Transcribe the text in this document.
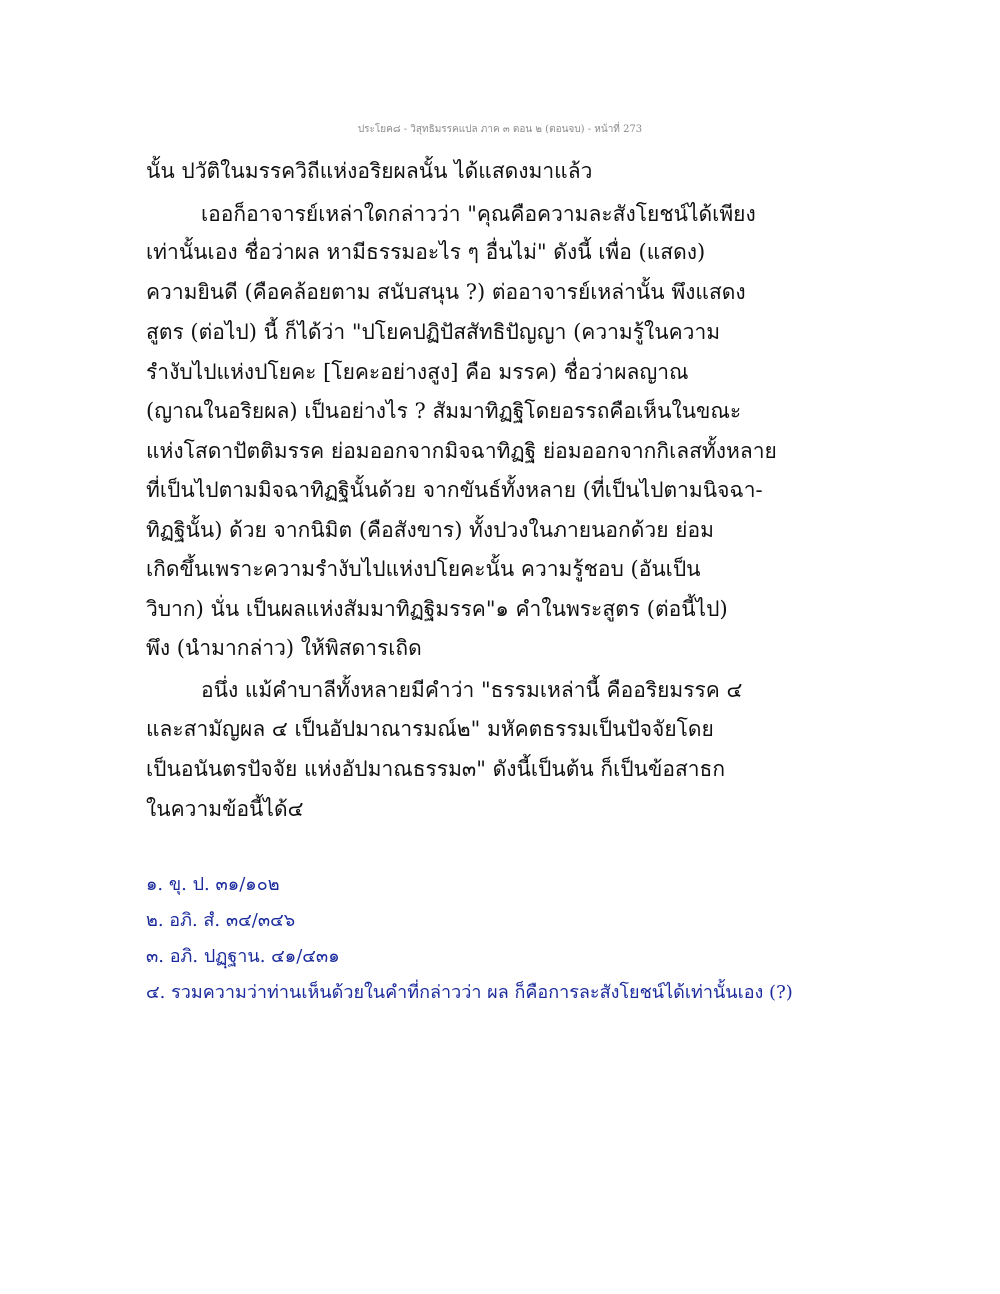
ประโยค๘ - วิสุทธิมรรคแปล ภาค ๓ ตอน ๒ (ตอนจบ) - หน้าที่ 273
นั้น ปวัติในมรรควิถีแห่งอริยผลนั้น ได้แสดงมาแล้ว
เออก็อาจารย์เหล่าใดกล่าวว่า "คุณคือความละสังโยชน์ได้เพียง
เท่านั้นเอง ชื่อว่าผล หามีธรรมอะไร ๆ อื่นไม่" ดังนี้ เพื่อ (แสดง)
ความยินดี (คือคล้อยตาม สนับสนุน ?) ต่ออาจารย์เหล่านั้น พึงแสดง
สูตร (ต่อไป) นี้ ก็ได้ว่า "ปโยคปฏิปัสสัทธิปัญญา (ความรู้ในความ
รำงับไปแห่งปโยคะ [โยคะอย่างสูง] คือ มรรค) ชื่อว่าผลญาณ
(ญาณในอริยผล) เป็นอย่างไร ? สัมมาทิฏฐิโดยอรรถคือเห็นในขณะ
แห่งโสดาปัตติมรรค ย่อมออกจากมิจฉาทิฏฐิ ย่อมออกจากกิเลสทั้งหลาย
ที่เป็นไปตามมิจฉาทิฏฐินั้นด้วย จากขันธ์ทั้งหลาย (ที่เป็นไปตามนิจฉา-
ทิฏฐินั้น) ด้วย จากนิมิต (คือสังขาร) ทั้งปวงในภายนอกด้วย ย่อม
เกิดขึ้นเพราะความรำงับไปแห่งปโยคะนั้น ความรู้ชอบ (อันเป็น
วิบาก) นั่น เป็นผลแห่งสัมมาทิฏฐิมรรค"๑ คำในพระสูตร (ต่อนี้ไป)
พึง (นำมากล่าว) ให้พิสดารเถิด
อนึ่ง แม้คำบาลีทั้งหลายมีคำว่า "ธรรมเหล่านี้ คืออริยมรรค ๔
และสามัญผล ๔ เป็นอัปมาณารมณ์๒" มหัคตธรรมเป็นปัจจัยโดย
เป็นอนันตรปัจจัย แห่งอัปมาณธรรม๓" ดังนี้เป็นต้น ก็เป็นข้อสาธก
ในความข้อนี้ได้๔
๑. ขุ. ป. ๓๑/๑๐๒
๒. อภิ. สํ. ๓๔/๓๔๖
๓. อภิ. ปฏฺฐาน. ๔๑/๔๓๑
๔. รวมความว่าท่านเห็นด้วยในคำที่กล่าวว่า ผล ก็คือการละสังโยชน์ได้เท่านั้นเอง (?)
